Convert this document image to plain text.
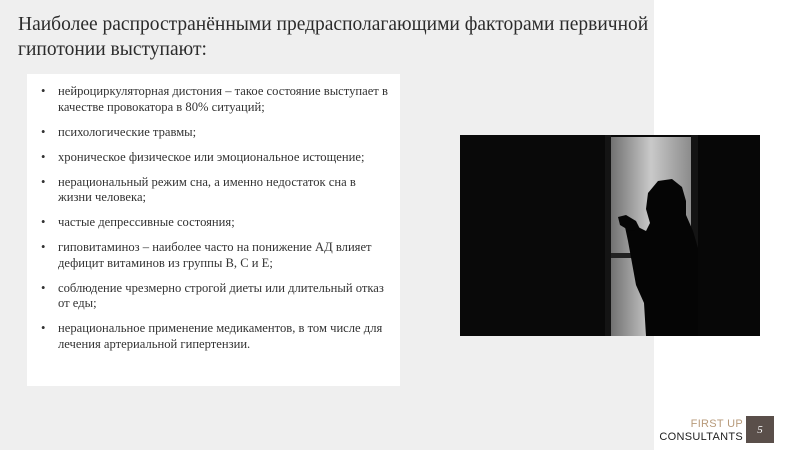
Наиболее распространёнными предрасполагающими факторами первичной гипотонии выступают:
• нейроциркуляторная дистония – такое состояние выступает в качестве провокатора в 80% ситуаций;
• психологические травмы;
• хроническое физическое или эмоциональное истощение;
• нерациональный режим сна, а именно недостаток сна в жизни человека;
• частые депрессивные состояния;
• гиповитаминоз – наиболее часто на понижение АД влияет дефицит витаминов из группы В, С и Е;
• соблюдение чрезмерно строгой диеты или длительный отказ от еды;
• нерациональное применение медикаментов, в том числе для лечения артериальной гипертензии.
FIRST UP
CONSULTANTS
5
